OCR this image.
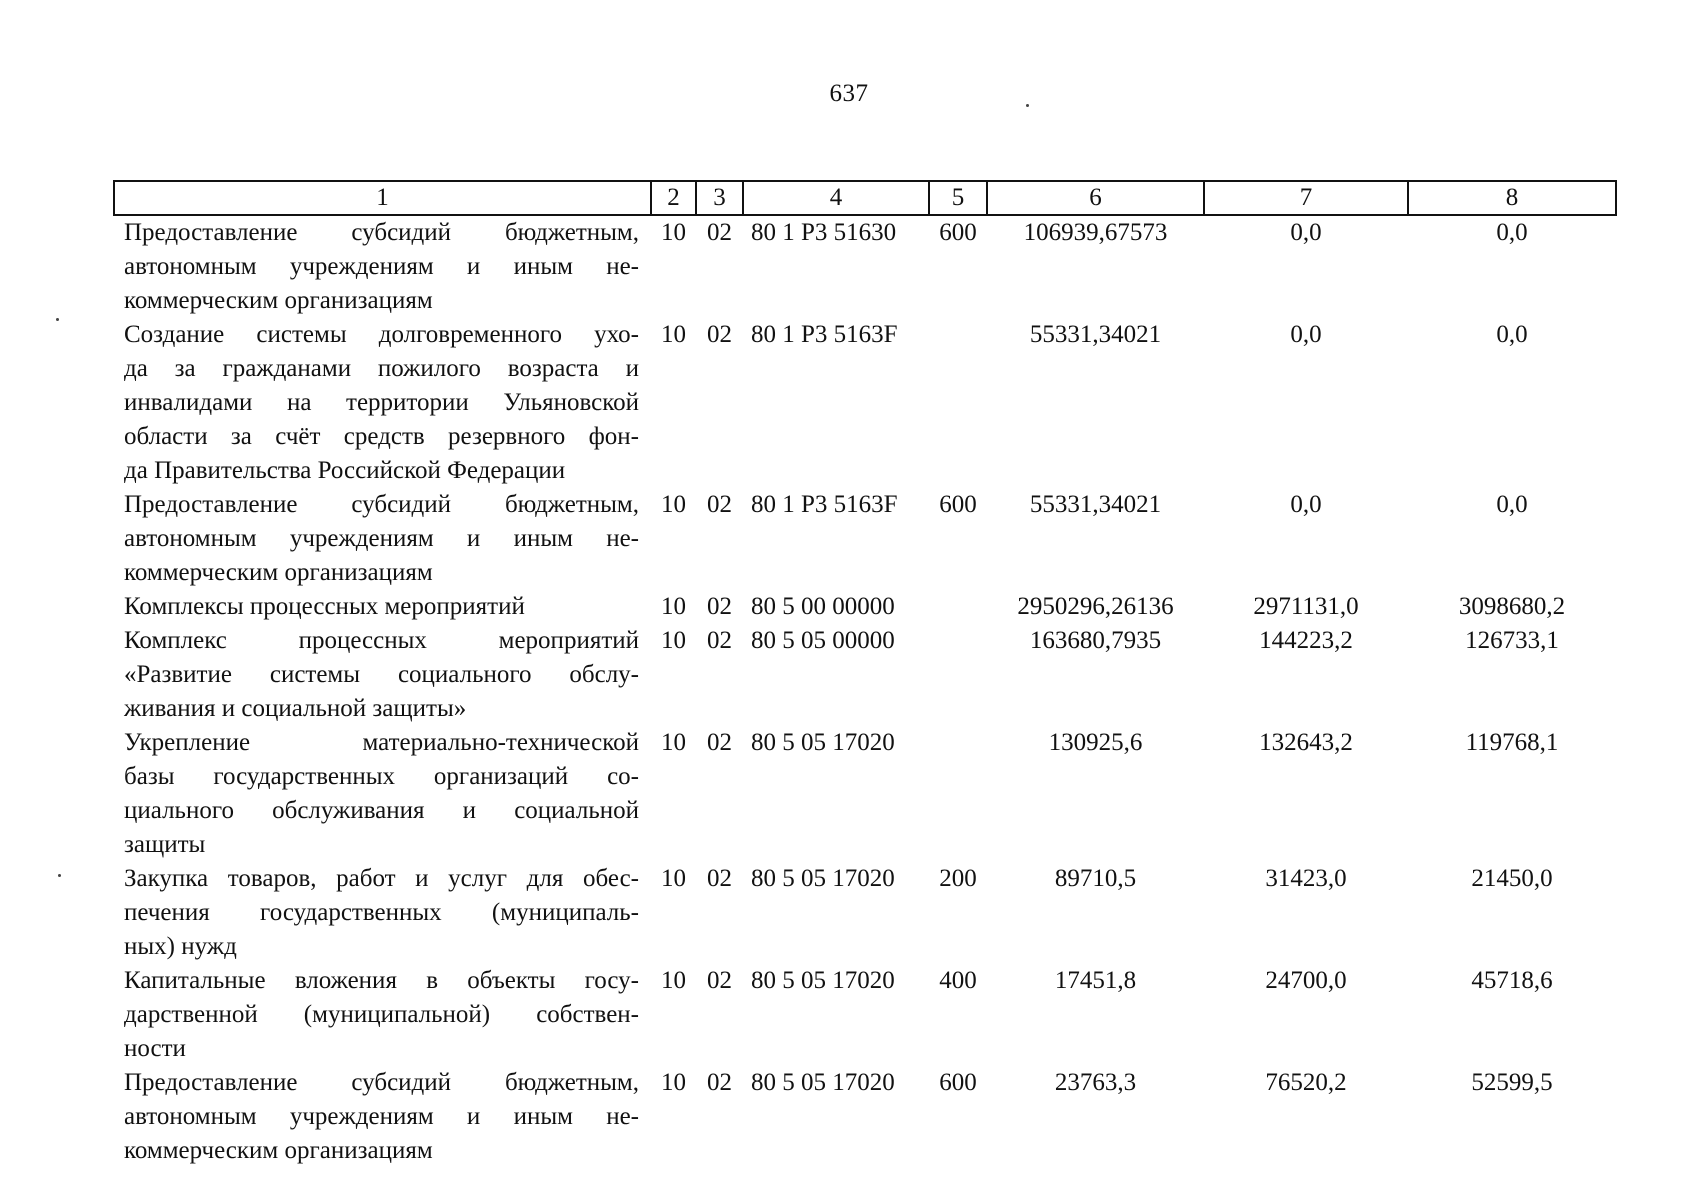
637
1	2	3	4	5	6	7	8

Предоставление субсидий бюджетным,
автономным учреждениям и иным не-
коммерческим организациям	10	02	80 1 Р3 51630	600	106939,67573	0,0	0,0

Создание системы долговременного ухо-
да за гражданами пожилого возраста и
инвалидами на территории Ульяновской
области за счёт средств резервного фон-
да Правительства Российской Федерации	10	02	80 1 Р3 5163F		55331,34021	0,0	0,0

Предоставление субсидий бюджетным,
автономным учреждениям и иным не-
коммерческим организациям	10	02	80 1 Р3 5163F	600	55331,34021	0,0	0,0

Комплексы процессных мероприятий	10	02	80 5 00 00000		2950296,26136	2971131,0	3098680,2

Комплекс процессных мероприятий
«Развитие системы социального обслу-
живания и социальной защиты»	10	02	80 5 05 00000		163680,7935	144223,2	126733,1

Укрепление материально-технической
базы государственных организаций со-
циального обслуживания и социальной
защиты	10	02	80 5 05 17020		130925,6	132643,2	119768,1

Закупка товаров, работ и услуг для обес-
печения государственных (муниципаль-
ных) нужд	10	02	80 5 05 17020	200	89710,5	31423,0	21450,0

Капитальные вложения в объекты госу-
дарственной (муниципальной) собствен-
ности	10	02	80 5 05 17020	400	17451,8	24700,0	45718,6

Предоставление субсидий бюджетным,
автономным учреждениям и иным не-
коммерческим организациям	10	02	80 5 05 17020	600	23763,3	76520,2	52599,5
